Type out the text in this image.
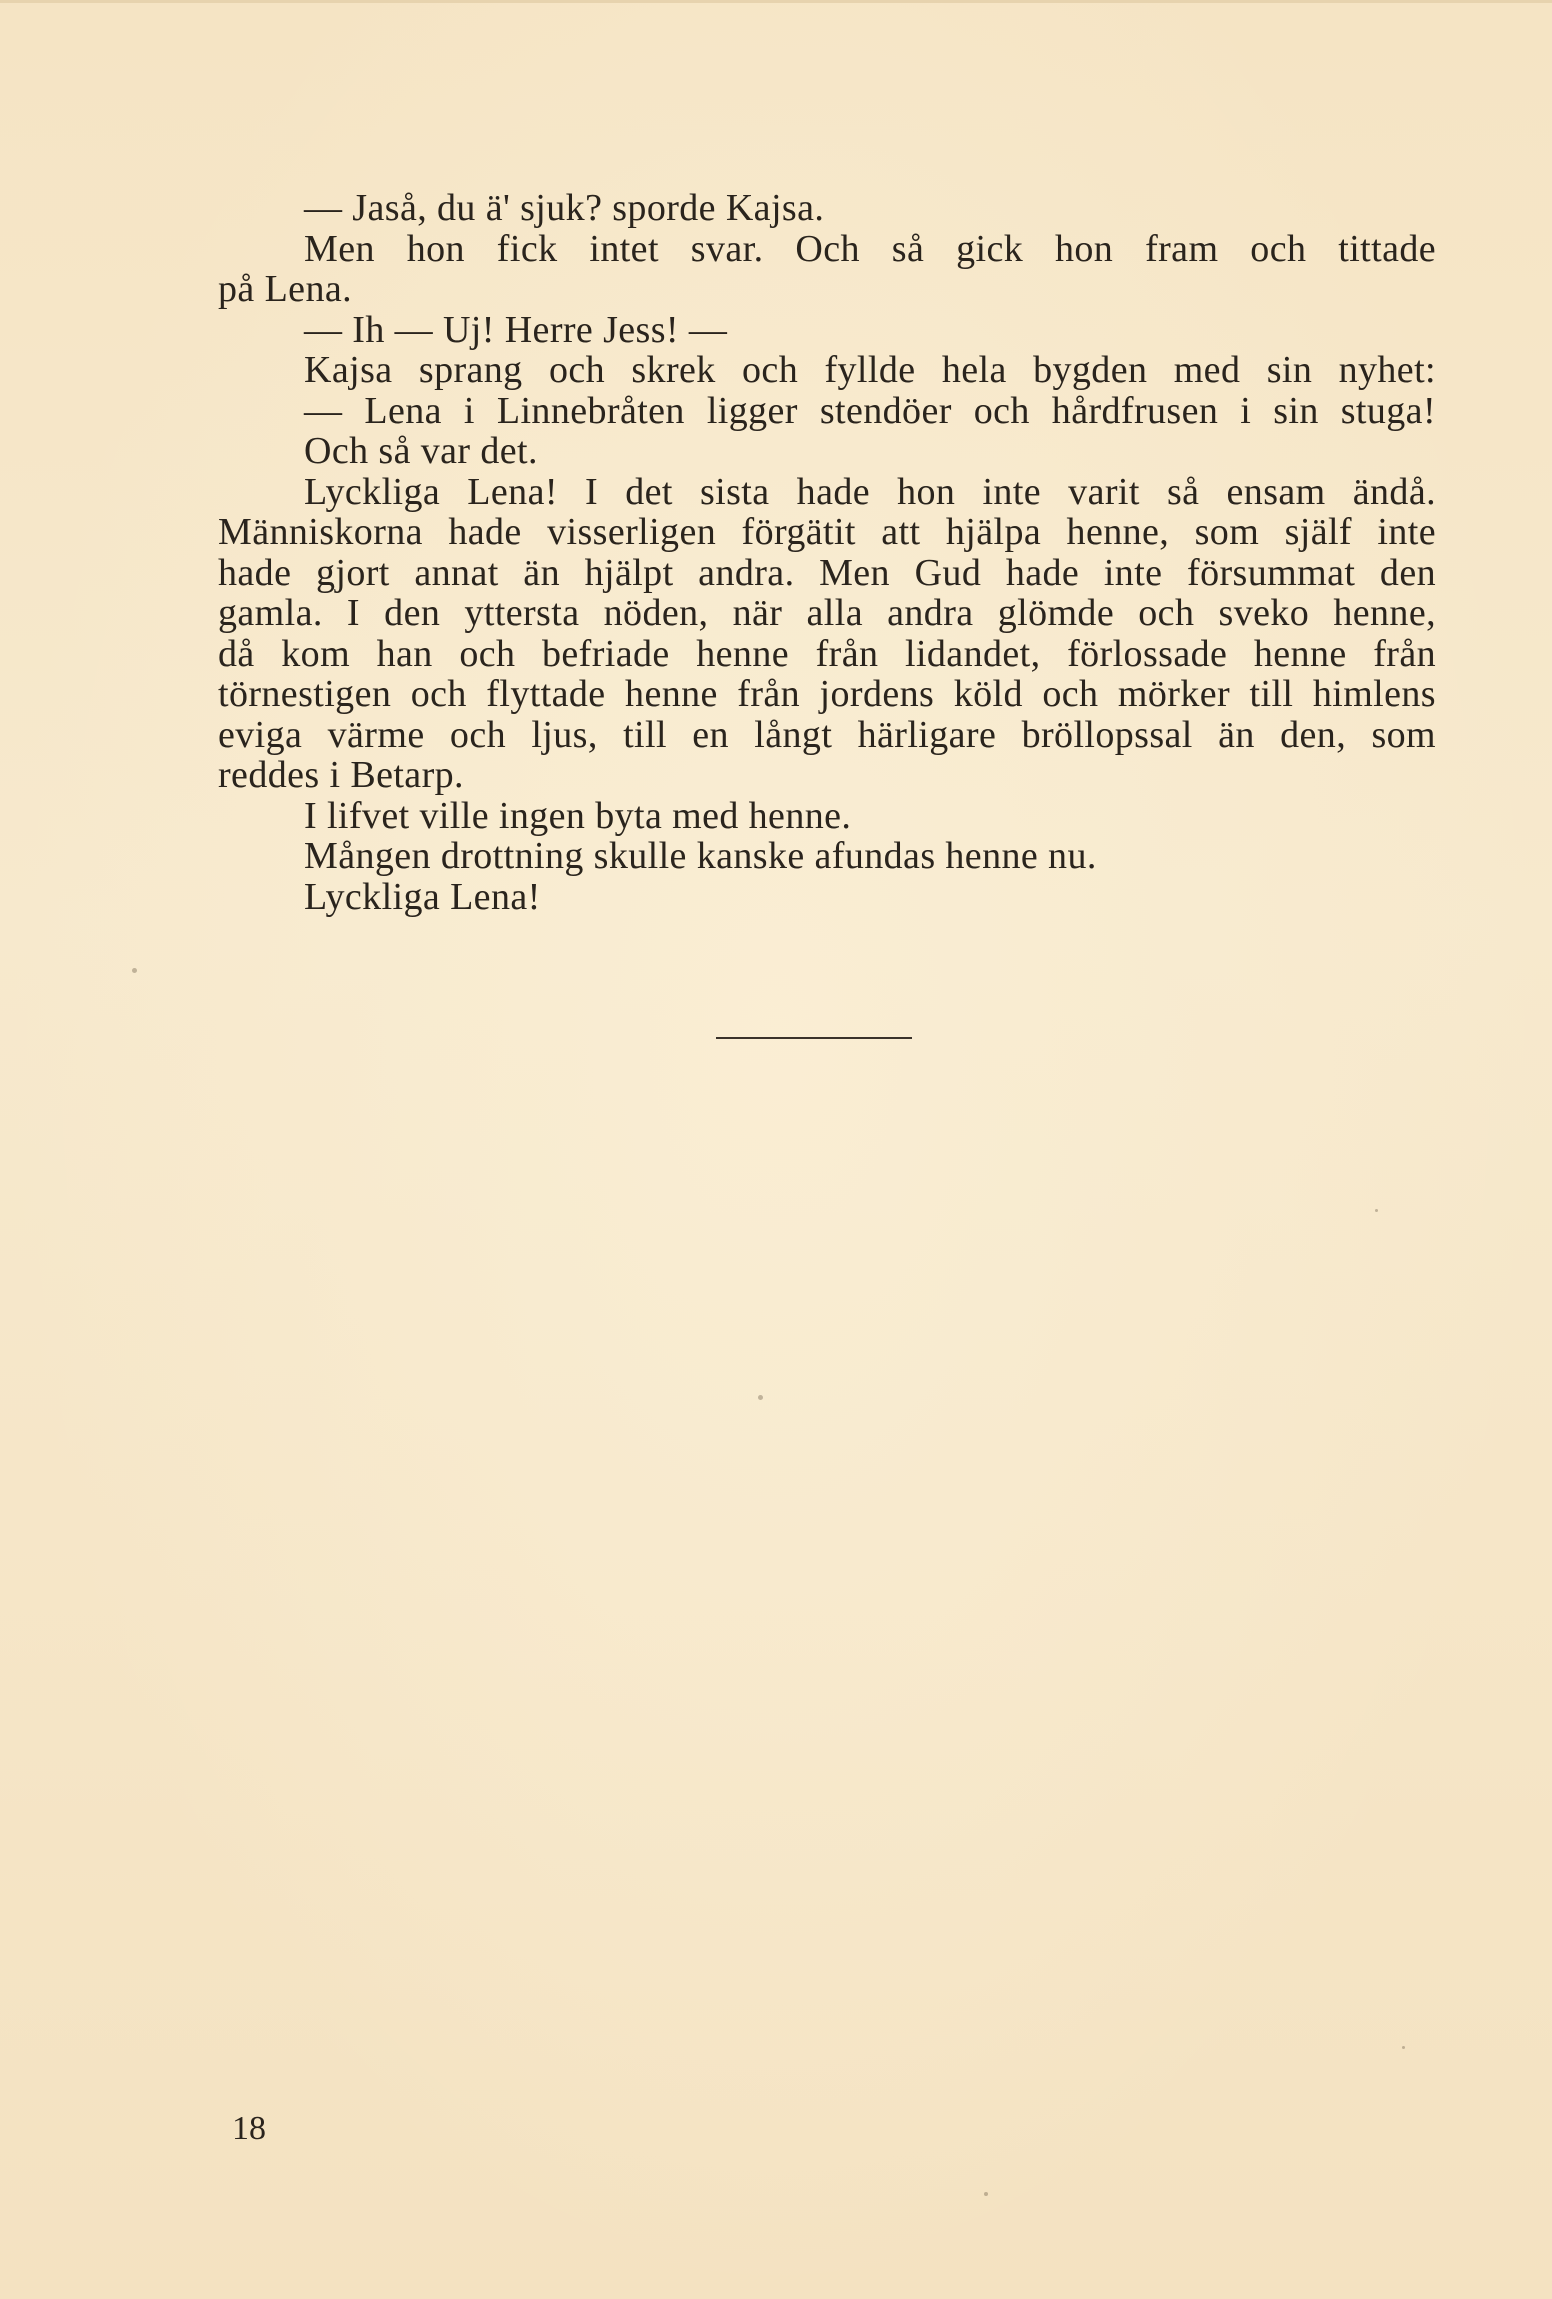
— Jaså, du ä' sjuk? sporde Kajsa.
Men hon fick intet svar. Och så gick hon fram och tittade
på Lena.
— Ih — Uj! Herre Jess! —
Kajsa sprang och skrek och fyllde hela bygden med sin nyhet:
— Lena i Linnebråten ligger stendöer och hårdfrusen i sin stuga!
Och så var det.
Lyckliga Lena! I det sista hade hon inte varit så ensam ändå.
Människorna hade visserligen förgätit att hjälpa henne, som själf inte
hade gjort annat än hjälpt andra. Men Gud hade inte försummat den
gamla. I den yttersta nöden, när alla andra glömde och sveko henne,
då kom han och befriade henne från lidandet, förlossade henne från
törnestigen och flyttade henne från jordens köld och mörker till himlens
eviga värme och ljus, till en långt härligare bröllopssal än den, som
reddes i Betarp.
I lifvet ville ingen byta med henne.
Mången drottning skulle kanske afundas henne nu.
Lyckliga Lena!
18
